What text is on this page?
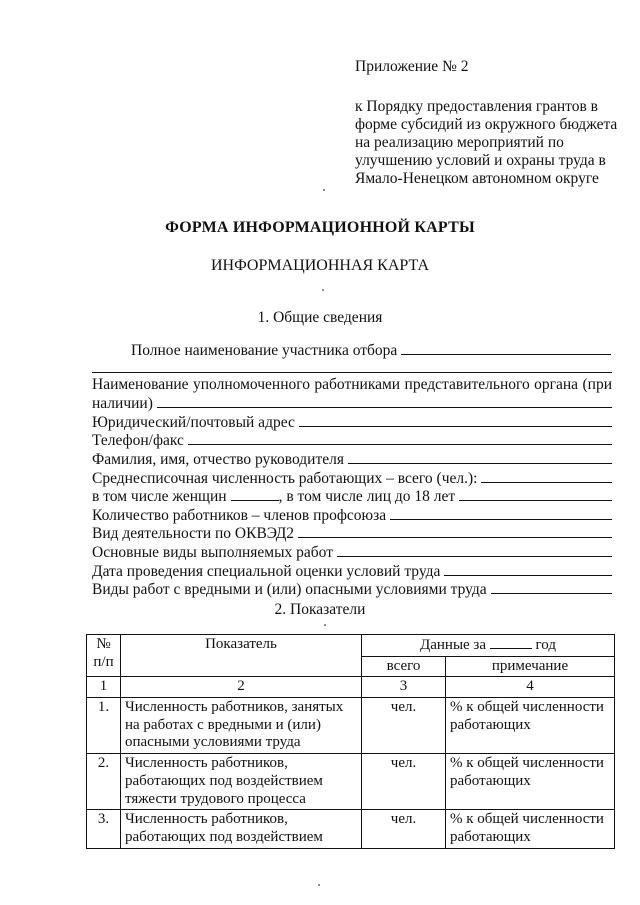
Приложение № 2
к Порядку предоставления грантов в форме субсидий из окружного бюджета на реализацию мероприятий по улучшению условий и охраны труда в Ямало-Ненецком автономном округе
ФОРМА ИНФОРМАЦИОННОЙ КАРТЫ
ИНФОРМАЦИОННАЯ КАРТА
1. Общие сведения
Полное наименование участника отбора
Наименование уполномоченного работниками представительного органа (при
наличии)
Юридический/почтовый адрес
Телефон/факс
Фамилия, имя, отчество руководителя
Среднесписочная численность работающих – всего (чел.):
в том числе женщин	, в том числе лиц до 18 лет
Количество работников – членов профсоюза
Вид деятельности по ОКВЭД2
Основные виды выполняемых работ
Дата проведения специальной оценки условий труда
Виды работ с вредными и (или) опасными условиями труда
2. Показатели
№
п/п	Показатель	Данные за год	
		всего	примечание
1	2	3	4
1.	Численность работников, занятых на работах с вредными и (или) опасными условиями труда	чел.	% к общей численности работающих
2.	Численность работников, работающих под воздействием тяжести трудового процесса	чел.	% к общей численности работающих
3.	Численность работников, работающих под воздействием	чел.	% к общей численности работающих
